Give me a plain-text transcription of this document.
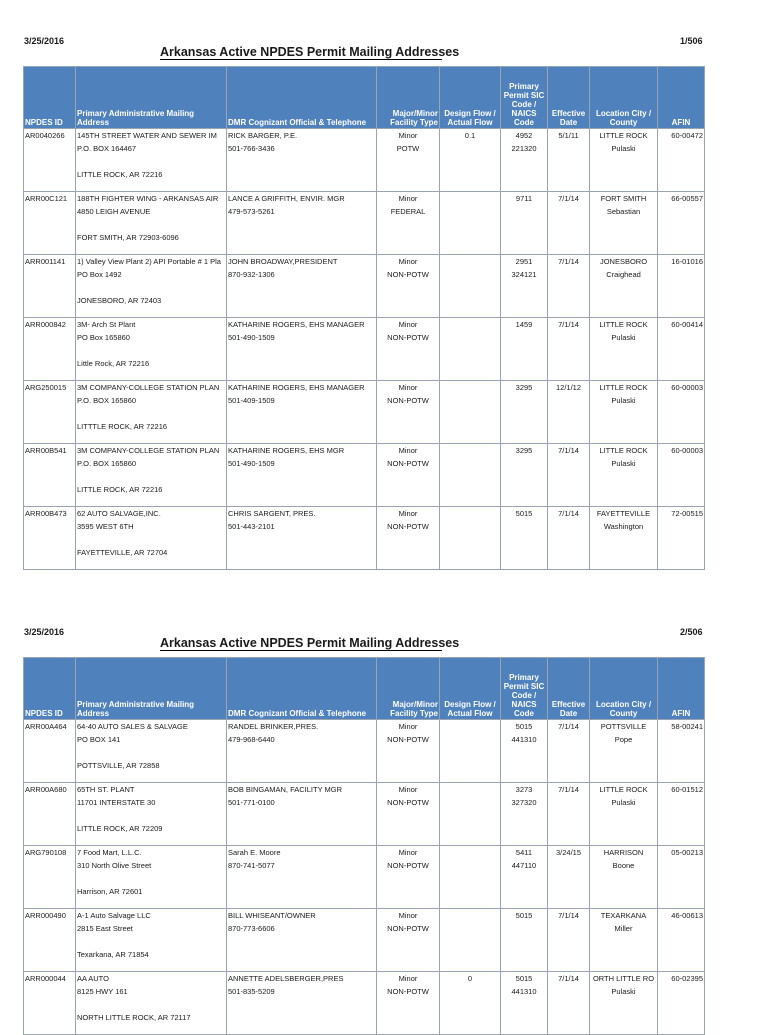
3/25/2016	1/506
Arkansas Active NPDES Permit Mailing Addresses
NPDES ID	Primary Administrative Mailing Address	DMR Cognizant Official & Telephone	Major/Minor Facility Type	Design Flow / Actual Flow	Primary Permit SIC Code / NAICS Code	Effective Date	Location City / County	AFIN
AR0040266	145TH STREET WATER AND SEWER IM
P.O. BOX 164467
LITTLE ROCK, AR 72216	RICK BARGER, P.E.
501-766-3436	Minor
POTW	0.1	4952
221320	5/1/11	LITTLE ROCK
Pulaski	60-00472
ARR00C121	188TH FIGHTER WING - ARKANSAS AIR
4850 LEIGH AVENUE
FORT SMITH, AR 72903-6096	LANCE A GRIFFITH, ENVIR. MGR
479-573-5261	Minor
FEDERAL		9711	7/1/14	FORT SMITH
Sebastian	66-00557
ARR001141	1) Valley View Plant 2) API Portable # 1 Pla
PO Box 1492
JONESBORO, AR 72403	JOHN BROADWAY,PRESIDENT
870-932-1306	Minor
NON-POTW		2951
324121	7/1/14	JONESBORO
Craighead	16-01016
ARR000842	3M- Arch St Plant
PO Box 165860
Little Rock, AR 72216	KATHARINE ROGERS, EHS MANAGER
501-490-1509	Minor
NON-POTW		1459	7/1/14	LITTLE ROCK
Pulaski	60-00414
ARG250015	3M COMPANY-COLLEGE STATION PLAN
P.O. BOX 165860
LITTTLE ROCK, AR 72216	KATHARINE ROGERS, EHS MANAGER
501-409-1509	Minor
NON-POTW		3295	12/1/12	LITTLE ROCK
Pulaski	60-00003
ARR00B541	3M COMPANY-COLLEGE STATION PLAN
P.O. BOX 165860
LITTLE ROCK, AR 72216	KATHARINE ROGERS, EHS MGR
501-490-1509	Minor
NON-POTW		3295	7/1/14	LITTLE ROCK
Pulaski	60-00003
ARR00B473	62 AUTO SALVAGE,INC.
3595 WEST 6TH
FAYETTEVILLE, AR 72704	CHRIS SARGENT, PRES.
501-443-2101	Minor
NON-POTW		5015	7/1/14	FAYETTEVILLE
Washington	72-00515
3/25/2016	2/506
Arkansas Active NPDES Permit Mailing Addresses
NPDES ID	Primary Administrative Mailing Address	DMR Cognizant Official & Telephone	Major/Minor Facility Type	Design Flow / Actual Flow	Primary Permit SIC Code / NAICS Code	Effective Date	Location City / County	AFIN
ARR00A464	64-40 AUTO SALES & SALVAGE
PO BOX 141
POTTSVILLE, AR 72858	RANDEL BRINKER,PRES.
479-968-6440	Minor
NON-POTW		5015
441310	7/1/14	POTTSVILLE
Pope	58-00241
ARR00A680	65TH ST. PLANT
11701 INTERSTATE 30
LITTLE ROCK, AR 72209	BOB BINGAMAN, FACILITY MGR
501-771-0100	Minor
NON-POTW		3273
327320	7/1/14	LITTLE ROCK
Pulaski	60-01512
ARG790108	7 Food Mart, L.L.C.
310 North Olive Street
Harrison, AR 72601	Sarah E. Moore
870-741-5077	Minor
NON-POTW		5411
447110	3/24/15	HARRISON
Boone	05-00213
ARR000490	A-1 Auto Salvage LLC
2815 East Street
Texarkana, AR 71854	BILL WHISEANT/OWNER
870-773-6606	Minor
NON-POTW		5015	7/1/14	TEXARKANA
Miller	46-00613
ARR000044	AA AUTO
8125 HWY 161
NORTH LITTLE ROCK, AR 72117	ANNETTE ADELSBERGER,PRES
501-835-5209	Minor
NON-POTW	0	5015
441310	7/1/14	ORTH LITTLE RO
Pulaski	60-02395
